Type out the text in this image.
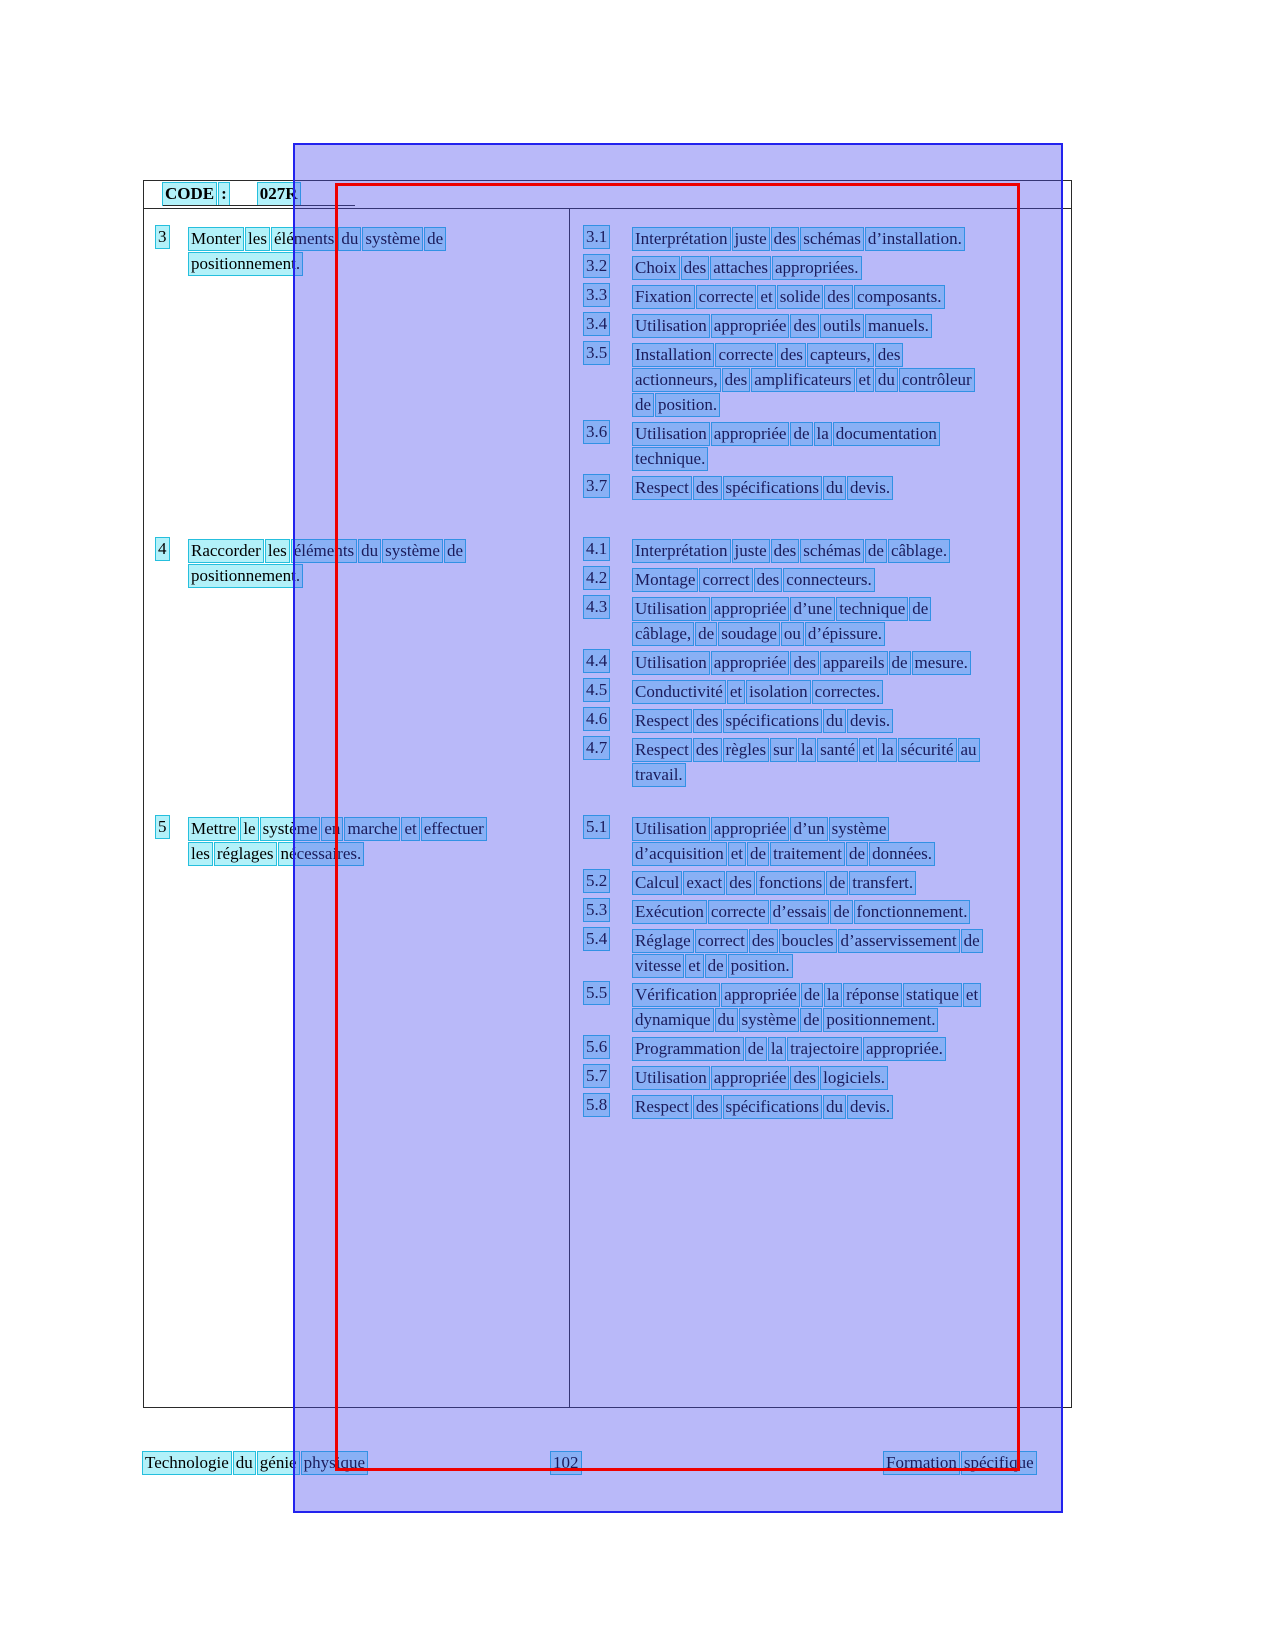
CODE : 027R
3	Monter les éléments du système de
positionnement.
3.1	Interprétation juste des schémas d’installation.
3.2	Choix des attaches appropriées.
3.3	Fixation correcte et solide des composants.
3.4	Utilisation appropriée des outils manuels.
3.5	Installation correcte des capteurs, des
actionneurs, des amplificateurs et du contrôleur
de position.
3.6	Utilisation appropriée de la documentation
technique.
3.7	Respect des spécifications du devis.
4	Raccorder les éléments du système de
positionnement.
4.1	Interprétation juste des schémas de câblage.
4.2	Montage correct des connecteurs.
4.3	Utilisation appropriée d’une technique de
câblage, de soudage ou d’épissure.
4.4	Utilisation appropriée des appareils de mesure.
4.5	Conductivité et isolation correctes.
4.6	Respect des spécifications du devis.
4.7	Respect des règles sur la santé et la sécurité au
travail.
5	Mettre le système en marche et effectuer
les réglages nécessaires.
5.1	Utilisation appropriée d’un système
d’acquisition et de traitement de données.
5.2	Calcul exact des fonctions de transfert.
5.3	Exécution correcte d’essais de fonctionnement.
5.4	Réglage correct des boucles d’asservissement de
vitesse et de position.
5.5	Vérification appropriée de la réponse statique et
dynamique du système de positionnement.
5.6	Programmation de la trajectoire appropriée.
5.7	Utilisation appropriée des logiciels.
5.8	Respect des spécifications du devis.
Technologie du génie physique	102	Formation spécifique
